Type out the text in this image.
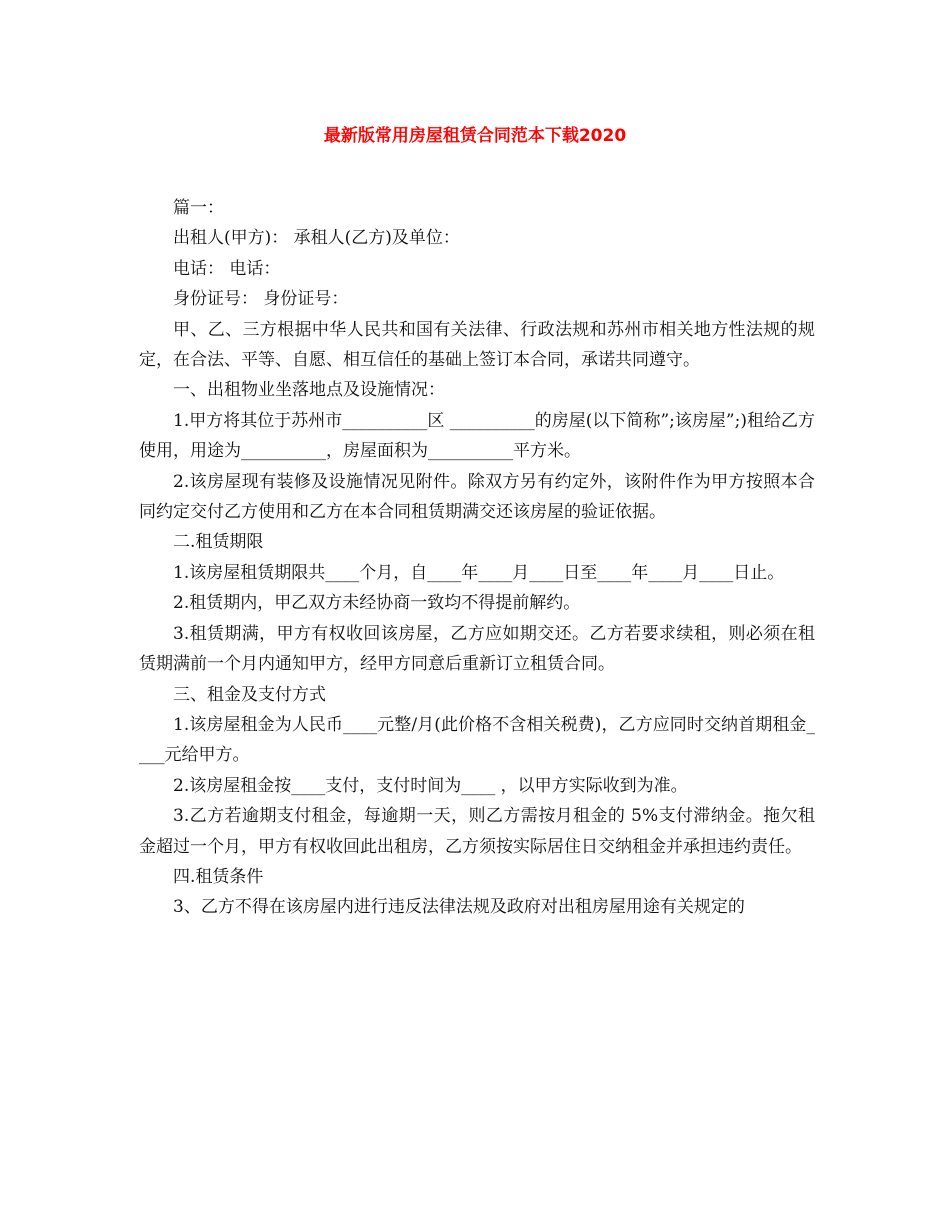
最新版常用房屋租赁合同范本下载2020

篇一：

出租人(甲方)： 承租人(乙方)及单位：

电话： 电话：

身份证号： 身份证号：

甲、乙、三方根据中华人民共和国有关法律、行政法规和苏州市相关地方性法规的规定，在合法、平等、自愿、相互信任的基础上签订本合同，承诺共同遵守。

一、出租物业坐落地点及设施情况：

1.甲方将其位于苏州市__________区 __________的房屋(以下简称”;该房屋”;)租给乙方使用，用途为__________，房屋面积为__________平方米。

2.该房屋现有装修及设施情况见附件。除双方另有约定外，该附件作为甲方按照本合同约定交付乙方使用和乙方在本合同租赁期满交还该房屋的验证依据。

二.租赁期限

1.该房屋租赁期限共____个月，自____年____月____日至____年____月____日止。

2.租赁期内，甲乙双方未经协商一致均不得提前解约。

3.租赁期满，甲方有权收回该房屋，乙方应如期交还。乙方若要求续租，则必须在租赁期满前一个月内通知甲方，经甲方同意后重新订立租赁合同。

三、租金及支付方式

1.该房屋租金为人民币____元整/月(此价格不含相关税费)，乙方应同时交纳首期租金____元给甲方。

2.该房屋租金按____支付，支付时间为____ ，以甲方实际收到为准。

3.乙方若逾期支付租金，每逾期一天，则乙方需按月租金的 5%支付滞纳金。拖欠租金超过一个月，甲方有权收回此出租房，乙方须按实际居住日交纳租金并承担违约责任。

四.租赁条件

3、乙方不得在该房屋内进行违反法律法规及政府对出租房屋用途有关规定的
